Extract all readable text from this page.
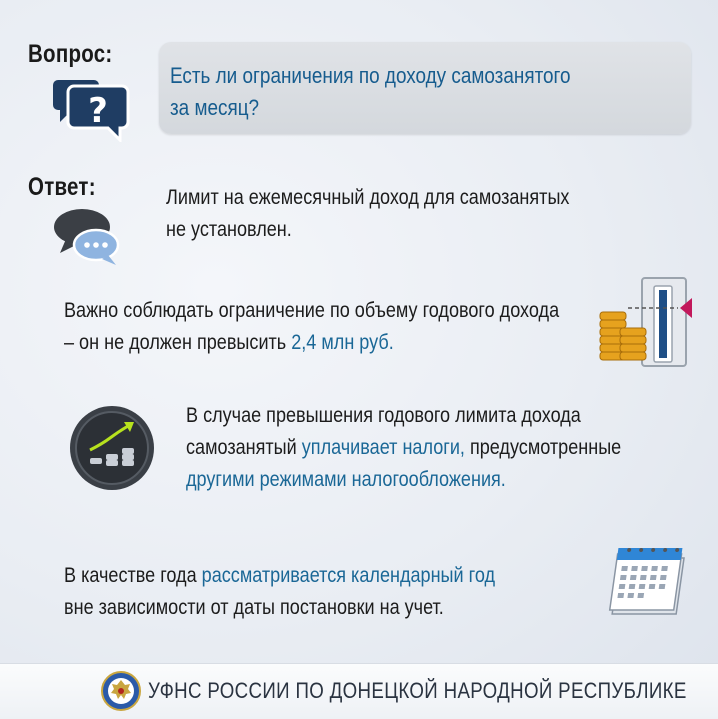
Вопрос:
?
Есть ли ограничения по доходу самозанятого
за месяц?
Ответ:	Лимит на ежемесячный доход для самозанятых
не установлен.
Важно соблюдать ограничение по объему годового дохода
– он не должен превысить 2,4 млн руб.
В случае превышения годового лимита дохода
самозанятый уплачивает налоги, предусмотренные
другими режимами налогообложения.
В качестве года рассматривается календарный год
вне зависимости от даты постановки на учет.
УФНС РОССИИ ПО ДОНЕЦКОЙ НАРОДНОЙ РЕСПУБЛИКЕ
